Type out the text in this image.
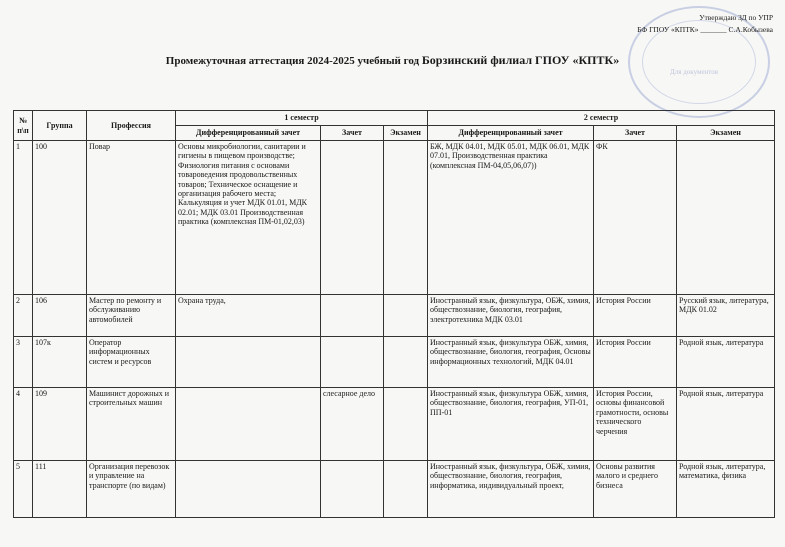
Для документов
Утверждаю ЗД по УПР
БФ ГПОУ «КПТК» _______ С.А.Кобызева
Промежуточная аттестация 2024-2025 учебный год Борзинский филиал ГПОУ «КПТК»
№ п\п	Группа	Профессия	1 семестр			2 семестр		
			Дифференцированный зачет	Зачет	Экзамен	Дифференцированный зачет	Зачет	Экзамен
1	100	Повар	Основы микробиологии, санитарии и гигиены в пищевом производстве; Физиология питания с основами товароведения продовольственных товаров; Техническое оснащение и организация рабочего места; Калькуляция и учет МДК 01.01, МДК 02.01; МДК 03.01 Производственная практика (комплексная ПМ-01,02,03)			БЖ, МДК 04.01, МДК 05.01, МДК 06.01, МДК 07.01, Производственная практика (комплексная ПМ-04,05,06,07))	ФК	
2	106	Мастер по ремонту и обслуживанию автомобилей	Охрана труда,			Иностранный язык, физкультура, ОБЖ, химия, обществознание, биология, география, электротехника МДК 03.01	История России	Русский язык, литература, МДК 01.02
3	107к	Оператор информационных систем и ресурсов				Иностранный язык, физкультура ОБЖ, химия, обществознание, биология, география, Основы информационных технологий, МДК 04.01	История России	Родной язык, литература
4	109	Машинист дорожных и строительных машин		слесарное дело		Иностранный язык, физкультура ОБЖ, химия, обществознание, биология, география, УП-01, ПП-01	История России, основы финансовой грамотности, основы технического черчения	Родной язык, литература
5	111	Организация перевозок и управление на транспорте (по видам)				Иностранный язык, физкультура, ОБЖ, химия, обществознание, биология, география, информатика, индивидуальный проект,	Основы развития малого и среднего бизнеса	Родной язык, литература, математика, физика
